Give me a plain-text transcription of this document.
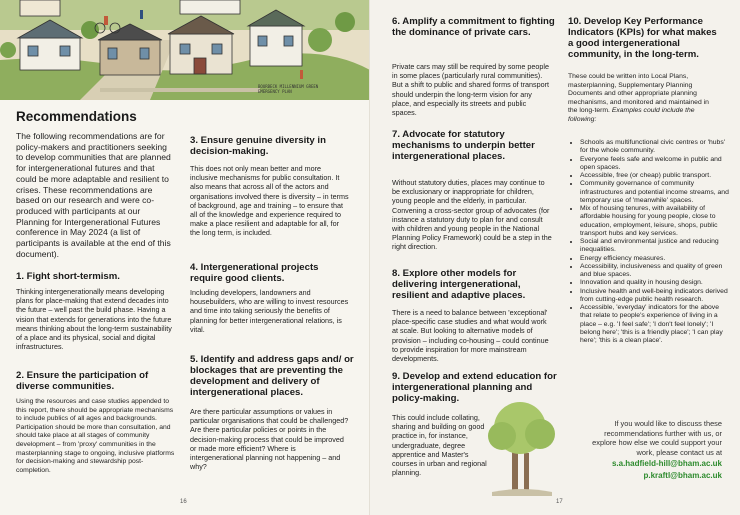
BOURBECK MILLENNIUM GREEN EMERGENCY PLAN
Recommendations
The following recommendations are for policy-makers and practitioners seeking to develop communities that are planned for intergenerational futures and that could be more adaptable and resilient to crises. These recommendations are based on our research and were co-produced with participants at our Planning for Intergenerational Futures conference in May 2024 (a list of participants is available at the end of this document).
1. Fight short-termism.
Thinking intergenerationally means developing plans for place-making that extend decades into the future – well past the build phase. Having a vision that extends for generations into the future means thinking about the long-term sustainability of a place and its physical, social and digital infrastructures.
2. Ensure the participation of diverse communities.
Using the resources and case studies appended to this report, there should be appropriate mechanisms to include publics of all ages and backgrounds. Participation should be more than consultation, and should take place at all stages of community development – from 'proxy' communities in the masterplanning stage to ongoing, inclusive platforms for decision-making and stewardship post-completion.
3. Ensure genuine diversity in decision-making.
This does not only mean better and more inclusive mechanisms for public consultation. It also means that across all of the actors and organisations involved there is diversity – in terms of background, age and training – to ensure that all of the knowledge and experience required to make a place resilient and adaptable for all, for the long term, is included.
4. Intergenerational projects require good clients.
Including developers, landowners and housebuilders, who are willing to invest resources and time into taking seriously the benefits of planning for better intergenerational relations, is vital.
5. Identify and address gaps and/ or blockages that are preventing the development and delivery of intergenerational places.
Are there particular assumptions or values in particular organisations that could be challenged? Are there particular policies or points in the decision-making process that could be improved or made more efficient? Where is intergenerational planning not happening – and why?
16
6. Amplify a commitment to fighting the dominance of private cars.
Private cars may still be required by some people in some places (particularly rural communities). But a shift to public and shared forms of transport should underpin the long-term vision for any place, and especially its streets and public spaces.
7. Advocate for statutory mechanisms to underpin better intergenerational places.
Without statutory duties, places may continue to be exclusionary or inappropriate for children, young people and the elderly, in particular. Convening a cross-sector group of advocates (for instance a statutory duty to plan for and consult with children and young people in the National Planning Policy Framework) could be a step in the right direction.
8. Explore other models for delivering intergenerational, resilient and adaptive places.
There is a need to balance between 'exceptional' place-specific case studies and what would work at scale. But looking to alternative models of provision – including co-housing – could continue to provide inspiration for more mainstream developments.
9. Develop and extend education for intergenerational planning and policy-making.
This could include collating, sharing and building on good practice in, for instance, undergraduate, degree apprentice and Master's courses in urban and regional planning.
10. Develop Key Performance Indicators (KPIs) for what makes a good intergenerational community, in the long-term.
These could be written into Local Plans, masterplanning, Supplementary Planning Documents and other appropriate planning mechanisms, and monitored and maintained in the long-term. Examples could include the following:
• Schools as multifunctional civic centres or 'hubs' for the whole community.
• Everyone feels safe and welcome in public and open spaces.
• Accessible, free (or cheap) public transport.
• Community governance of community infrastructures and potential income streams, and temporary use of 'meanwhile' spaces.
• Mix of housing tenures, with availability of affordable housing for young people, close to education, employment, leisure, shops, public transport hubs and key services.
• Social and environmental justice and reducing inequalities.
• Energy efficiency measures.
• Accessibility, inclusiveness and quality of green and blue spaces.
• Innovation and quality in housing design.
• Inclusive health and well-being indicators derived from cutting-edge public health research.
• Accessible, 'everyday' indicators for the above that relate to people's experience of living in a place – e.g. 'I feel safe'; 'I don't feel lonely'; 'I belong here'; 'this is a friendly place'; 'I can play here'; 'this is a clean place'.
If you would like to discuss these recommendations further with us, or explore how else we could support your work, please contact us at
s.a.hadfield-hill@bham.ac.uk
p.kraftl@bham.ac.uk
17
